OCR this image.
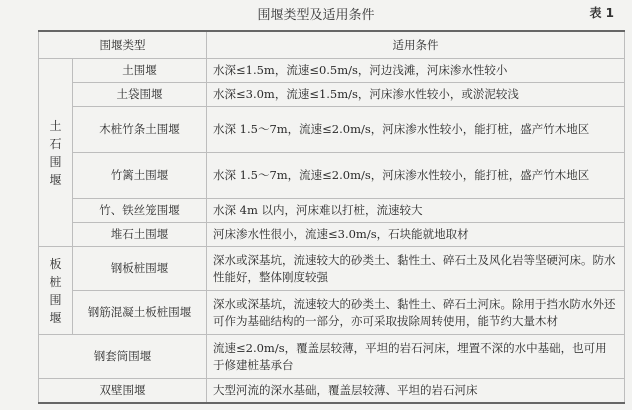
围堰类型及适用条件	表 1
围堰类型		适用条件
土石围堰	土围堰	水深≤1.5m，流速≤0.5m/s，河边浅滩，河床渗水性较小
	土袋围堰	水深≤3.0m，流速≤1.5m/s，河床渗水性较小，或淤泥较浅
	木桩竹条土围堰	水深 1.5～7m，流速≤2.0m/s，河床渗水性较小，能打桩，盛产竹木地区
	竹篱土围堰	水深 1.5～7m，流速≤2.0m/s，河床渗水性较小，能打桩，盛产竹木地区
	竹、铁丝笼围堰	水深 4m 以内，河床难以打桩，流速较大
	堆石土围堰	河床渗水性很小，流速≤3.0m/s，石块能就地取材
板桩围堰	钢板桩围堰	深水或深基坑，流速较大的砂类土、黏性土、碎石土及风化岩等坚硬河床。防水性能好，整体刚度较强
	钢筋混凝土板桩围堰	深水或深基坑，流速较大的砂类土、黏性土、碎石土河床。除用于挡水防水外还可作为基础结构的一部分，亦可采取拔除周转使用，能节约大量木材
钢套筒围堰		流速≤2.0m/s，覆盖层较薄，平坦的岩石河床，埋置不深的水中基础，也可用于修建桩基承台
双壁围堰		大型河流的深水基础，覆盖层较薄、平坦的岩石河床
